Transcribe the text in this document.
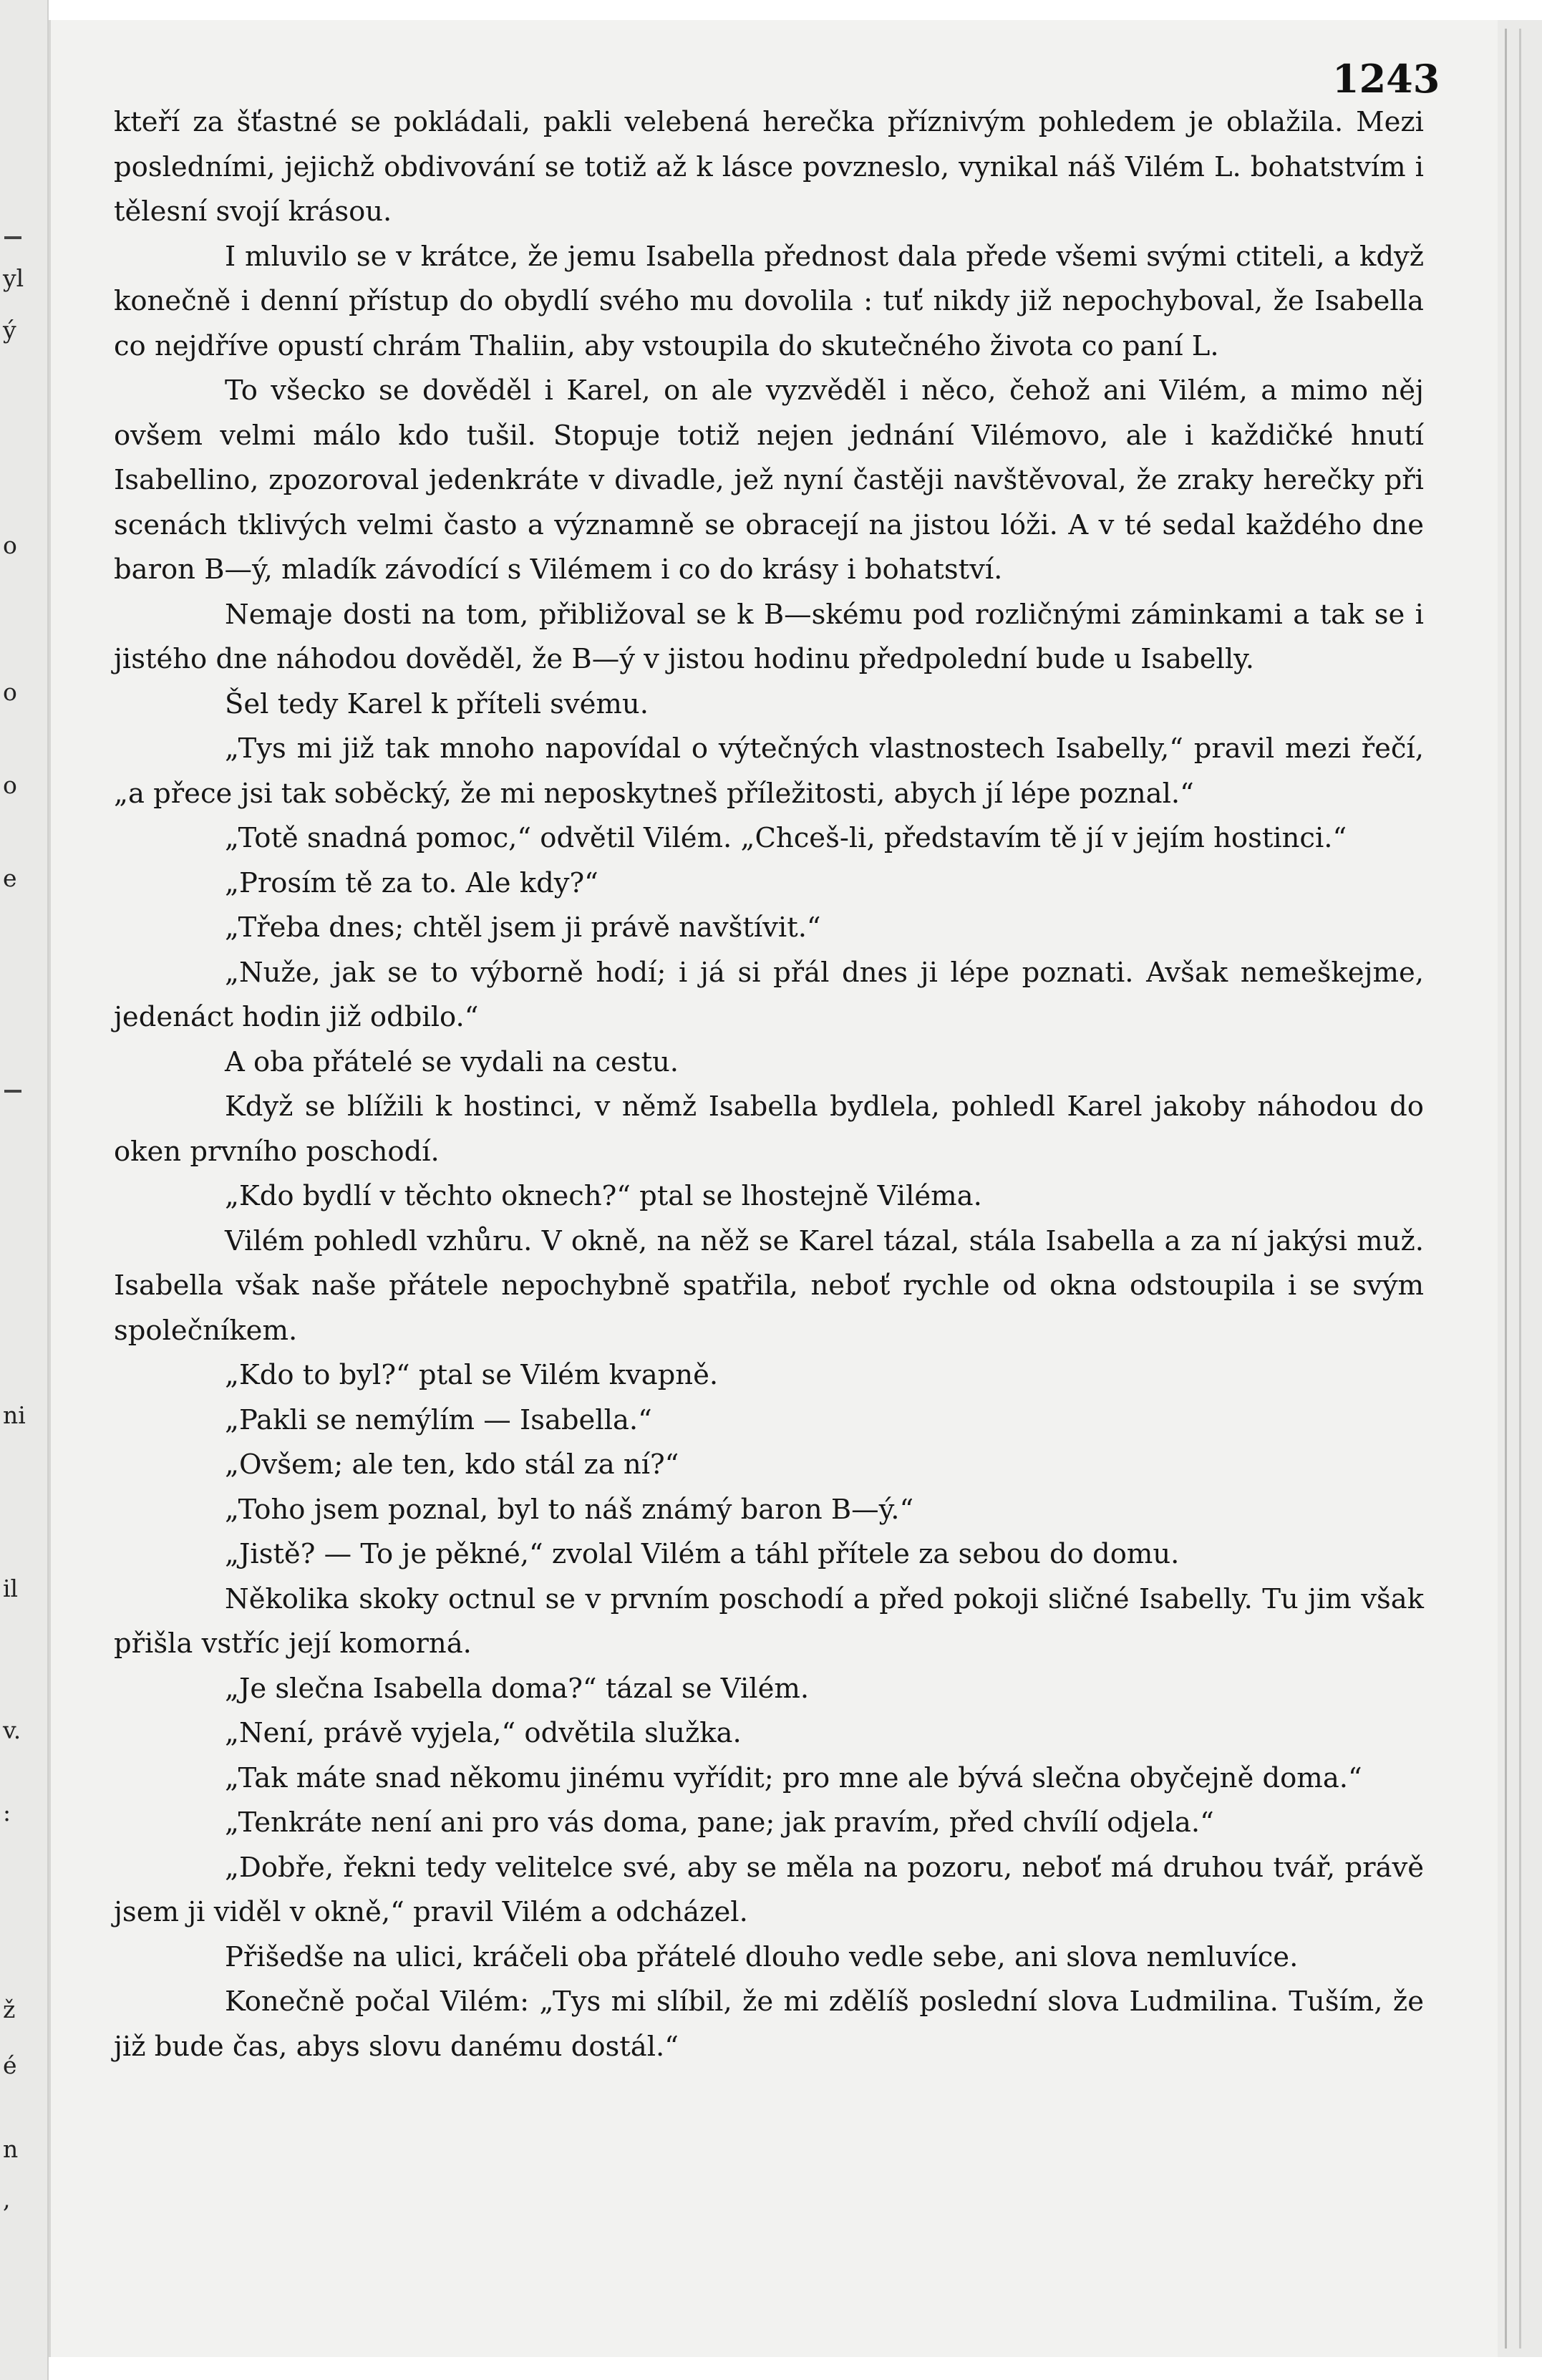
yl
ý
o
o
o
e
ni
il
v.
:
ž
é
n
,
1243

kteří za šťastné se pokládali, pakli velebená herečka příznivým pohledem je oblažila. Mezi posledními, jejichž obdivování se totiž až k lásce povzneslo, vynikal náš Vilém L. bohatstvím i tělesní svojí krásou.

I mluvilo se v krátce, že jemu Isabella přednost dala přede všemi svými ctiteli, a když konečně i denní přístup do obydlí svého mu dovolila : tuť nikdy již nepochyboval, že Isabella co nejdříve opustí chrám Thaliin, aby vstoupila do skutečného života co paní L.

To všecko se dověděl i Karel, on ale vyzvěděl i něco, čehož ani Vilém, a mimo něj ovšem velmi málo kdo tušil. Stopuje totiž nejen jednání Vilémovo, ale i každičké hnutí Isabellino, zpozoroval jedenkráte v divadle, jež nyní častěji navštěvoval, že zraky herečky při scenách tklivých velmi často a významně se obracejí na jistou lóži. A v té sedal každého dne baron B—ý, mladík závodící s Vilémem i co do krásy i bohatství.

Nemaje dosti na tom, přibližoval se k B—skému pod rozličnými záminkami a tak se i jistého dne náhodou dověděl, že B—ý v jistou hodinu předpolední bude u Isabelly.

Šel tedy Karel k příteli svému.

„Tys mi již tak mnoho napovídal o výtečných vlastnostech Isabelly,“ pravil mezi řečí, „a přece jsi tak soběcký, že mi neposkytneš příležitosti, abych jí lépe poznal.“

„Totě snadná pomoc,“ odvětil Vilém. „Chceš-li, představím tě jí v jejím hostinci.“

„Prosím tě za to. Ale kdy?“

„Třeba dnes; chtěl jsem ji právě navštívit.“

„Nuže, jak se to výborně hodí; i já si přál dnes ji lépe poznati. Avšak nemeškejme, jedenáct hodin již odbilo.“

A oba přátelé se vydali na cestu.

Když se blížili k hostinci, v němž Isabella bydlela, pohledl Karel jakoby náhodou do oken prvního poschodí.

„Kdo bydlí v těchto oknech?“ ptal se lhostejně Viléma.

Vilém pohledl vzhůru. V okně, na něž se Karel tázal, stála Isabella a za ní jakýsi muž. Isabella však naše přátele nepochybně spatřila, neboť rychle od okna odstoupila i se svým společníkem.

„Kdo to byl?“ ptal se Vilém kvapně.

„Pakli se nemýlím — Isabella.“

„Ovšem; ale ten, kdo stál za ní?“

„Toho jsem poznal, byl to náš známý baron B—ý.“

„Jistě? — To je pěkné,“ zvolal Vilém a táhl přítele za sebou do domu.

Několika skoky octnul se v prvním poschodí a před pokoji sličné Isabelly. Tu jim však přišla vstříc její komorná.

„Je slečna Isabella doma?“ tázal se Vilém.

„Není, právě vyjela,“ odvětila služka.

„Tak máte snad někomu jinému vyřídit; pro mne ale bývá slečna obyčejně doma.“

„Tenkráte není ani pro vás doma, pane; jak pravím, před chvílí odjela.“

„Dobře, řekni tedy velitelce své, aby se měla na pozoru, neboť má druhou tvář, právě jsem ji viděl v okně,“ pravil Vilém a odcházel.

Přišedše na ulici, kráčeli oba přátelé dlouho vedle sebe, ani slova nemluvíce.

Konečně počal Vilém: „Tys mi slíbil, že mi zdělíš poslední slova Ludmilina. Tuším, že již bude čas, abys slovu danému dostál.“
